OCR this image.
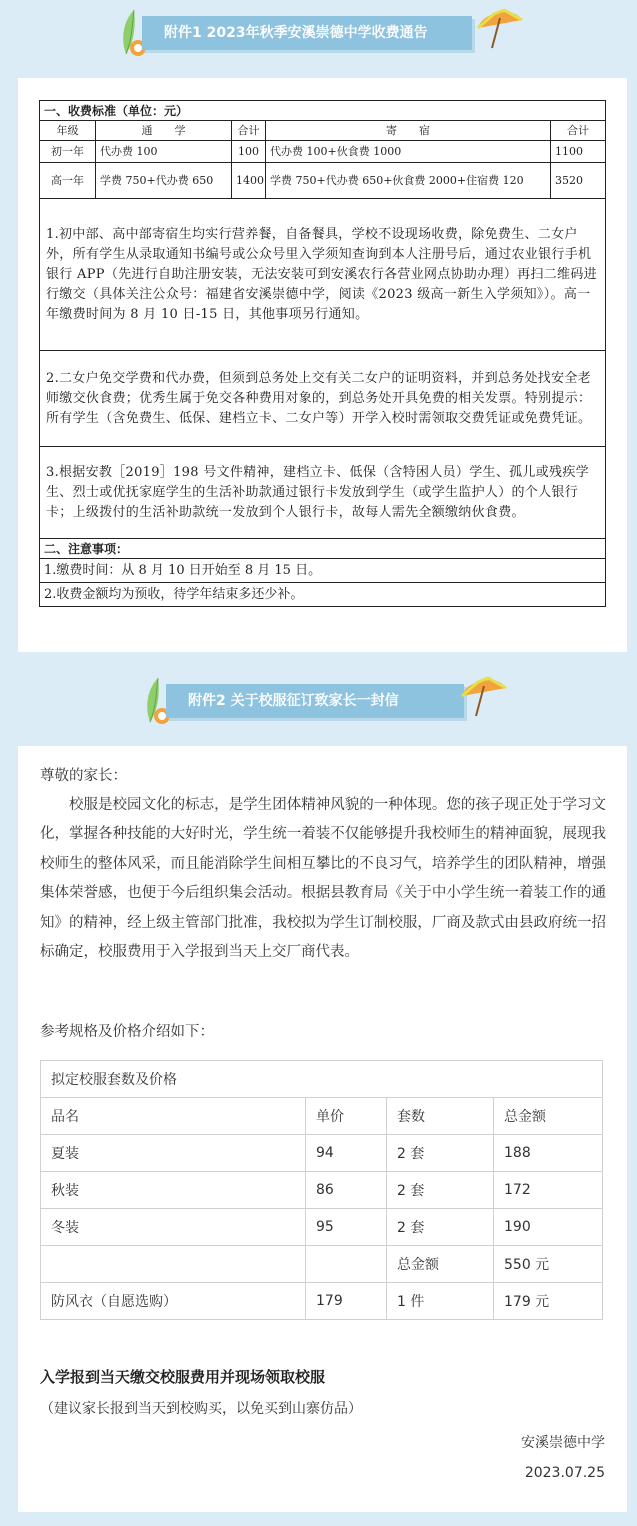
附件1 2023年秋季安溪崇德中学收费通告
一、收费标准（单位：元）				
年级	通　　学	合计	寄　　宿	合计
初一年	代办费 100	100	代办费 100+伙食费 1000	1100
高一年	学费 750+代办费 650	1400	学费 750+代办费 650+伙食费 2000+住宿费 120	3520
1.初中部、高中部寄宿生均实行营养餐，自备餐具，学校不设现场收费，除免费生、二女户外，所有学生从录取通知书编号或公众号里入学须知查询到本人注册号后，通过农业银行手机银行 APP（先进行自助注册安装，无法安装可到安溪农行各营业网点协助办理）再扫二维码进行缴交（具体关注公众号：福建省安溪崇德中学，阅读《2023 级高一新生入学须知》）。高一年缴费时间为 8 月 10 日-15 日，其他事项另行通知。				
2.二女户免交学费和代办费，但须到总务处上交有关二女户的证明资料，并到总务处找安全老师缴交伙食费；优秀生属于免交各种费用对象的，到总务处开具免费的相关发票。特别提示：所有学生（含免费生、低保、建档立卡、二女户等）开学入校时需领取交费凭证或免费凭证。				
3.根据安教［2019］198 号文件精神，建档立卡、低保（含特困人员）学生、孤儿或残疾学生、烈士或优抚家庭学生的生活补助款通过银行卡发放到学生（或学生监护人）的个人银行卡；上级拨付的生活补助款统一发放到个人银行卡，故每人需先全额缴纳伙食费。				
二、注意事项：				
1.缴费时间：从 8 月 10 日开始至 8 月 15 日。				
2.收费金额均为预收，待学年结束多还少补。				
附件2 关于校服征订致家长一封信
尊敬的家长：
校服是校园文化的标志，是学生团体精神风貌的一种体现。您的孩子现正处于学习文化，掌握各种技能的大好时光，学生统一着装不仅能够提升我校师生的精神面貌，展现我校师生的整体风采，而且能消除学生间相互攀比的不良习气，培养学生的团队精神，增强集体荣誉感，也便于今后组织集会活动。根据县教育局《关于中小学生统一着装工作的通知》的精神，经上级主管部门批准，我校拟为学生订制校服，厂商及款式由县政府统一招标确定，校服费用于入学报到当天上交厂商代表。
参考规格及价格介绍如下：
拟定校服套数及价格			
品名	单价	套数	总金额
夏装	94	2 套	188
秋装	86	2 套	172
冬装	95	2 套	190
		总金额	550 元
防风衣（自愿选购）	179	1 件	179 元
入学报到当天缴交校服费用并现场领取校服
（建议家长报到当天到校购买，以免买到山寨仿品）
安溪崇德中学
2023.07.25
